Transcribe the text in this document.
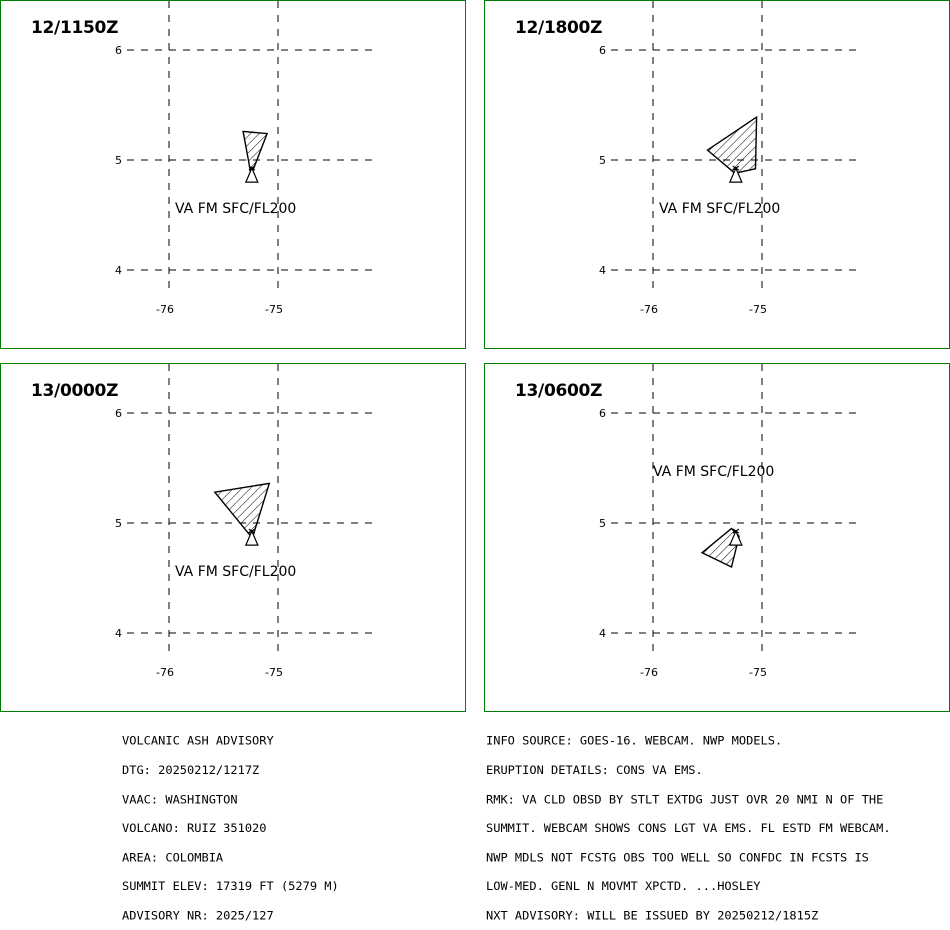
6
5
4
-76	-75
12/1150Z
VA FM SFC/FL200
6
5
4
-76	-75
12/1800Z
VA FM SFC/FL200
6
5
4
-76	-75
13/0000Z
VA FM SFC/FL200
6
5
4
-76	-75
13/0600Z
VA FM SFC/FL200

VOLCANIC ASH ADVISORY

DTG: 20250212/1217Z

VAAC: WASHINGTON

VOLCANO: RUIZ 351020

AREA: COLOMBIA

SUMMIT ELEV: 17319 FT (5279 M)

ADVISORY NR: 2025/127

INFO SOURCE: GOES-16. WEBCAM. NWP MODELS.

ERUPTION DETAILS: CONS VA EMS.

RMK: VA CLD OBSD BY STLT EXTDG JUST OVR 20 NMI N OF THE

SUMMIT. WEBCAM SHOWS CONS LGT VA EMS. FL ESTD FM WEBCAM.

NWP MDLS NOT FCSTG OBS TOO WELL SO CONFDC IN FCSTS IS

LOW-MED. GENL N MOVMT XPCTD. ...HOSLEY

NXT ADVISORY: WILL BE ISSUED BY 20250212/1815Z
